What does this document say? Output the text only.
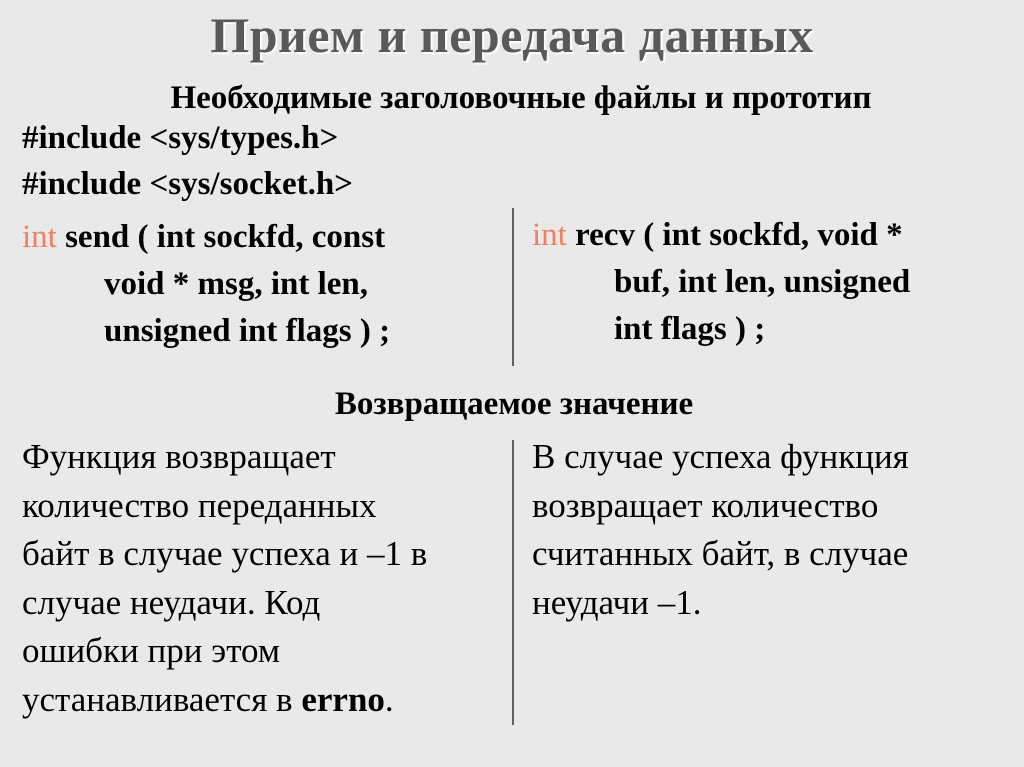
Прием и передача данных
Необходимые заголовочные файлы и прототип
#include <sys/types.h>
#include <sys/socket.h>
int send ( int sockfd, const
void * msg, int len,
unsigned int flags ) ;
int recv ( int sockfd, void *
buf, int len, unsigned
int flags ) ;
Возвращаемое значение
Функция возвращает
количество переданных
байт в случае успеха и –1 в
случае неудачи. Код
ошибки при этом
устанавливается в errno.
В случае успеха функция
возвращает количество
считанных байт, в случае
неудачи –1.
